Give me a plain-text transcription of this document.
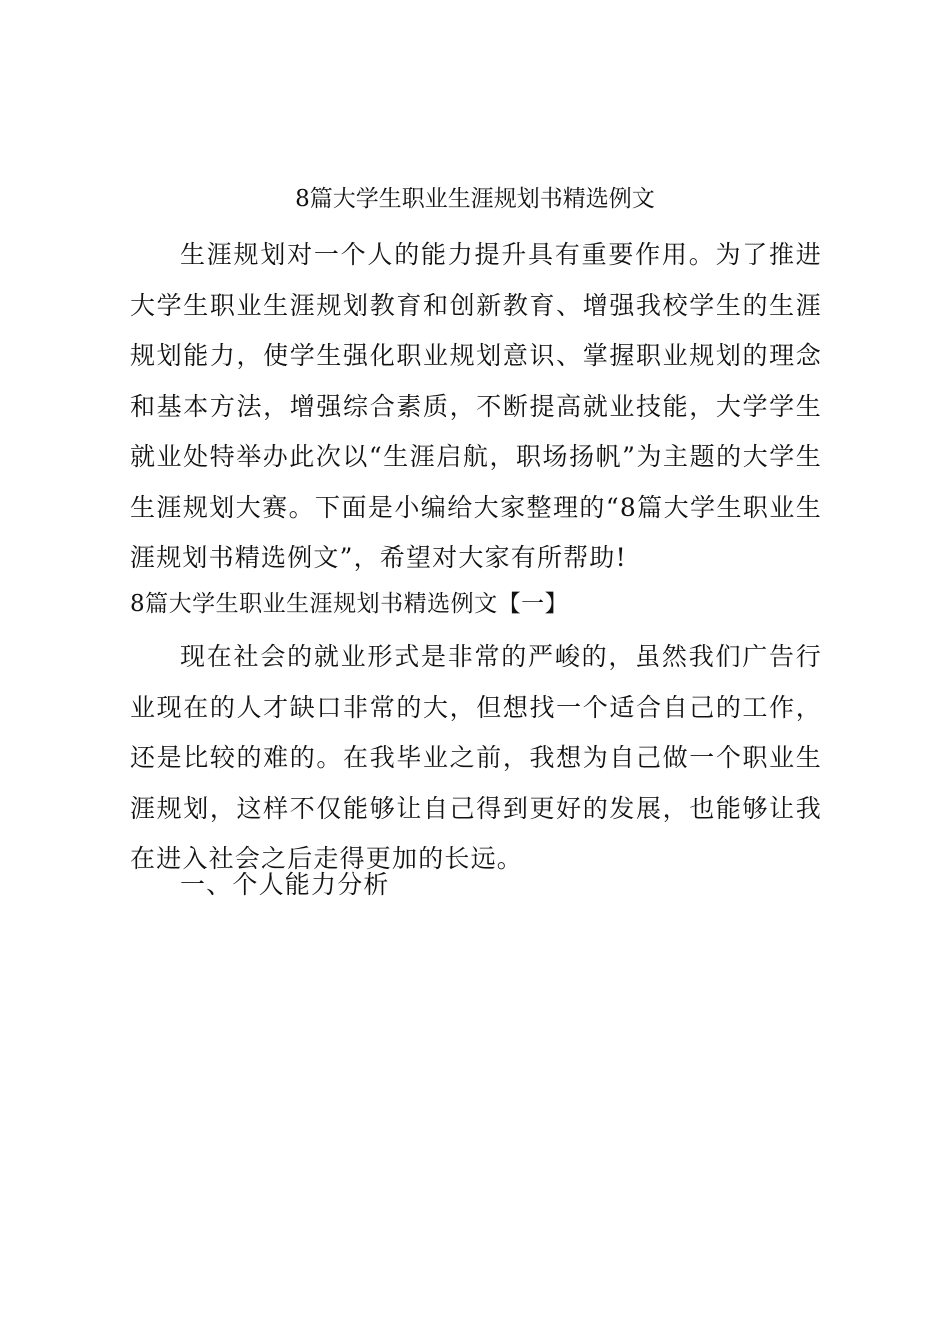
8篇大学生职业生涯规划书精选例文

生涯规划对一个人的能力提升具有重要作用。为了推进大学生职业生涯规划教育和创新教育、增强我校学生的生涯规划能力，使学生强化职业规划意识、掌握职业规划的理念和基本方法，增强综合素质，不断提高就业技能，大学学生就业处特举办此次以“生涯启航，职场扬帆”为主题的大学生生涯规划大赛。下面是小编给大家整理的“8篇大学生职业生涯规划书精选例文”，希望对大家有所帮助!

8篇大学生职业生涯规划书精选例文【一】

现在社会的就业形式是非常的严峻的，虽然我们广告行业现在的人才缺口非常的大，但想找一个适合自己的工作，还是比较的难的。在我毕业之前，我想为自己做一个职业生涯规划，这样不仅能够让自己得到更好的发展，也能够让我在进入社会之后走得更加的长远。

一、个人能力分析
